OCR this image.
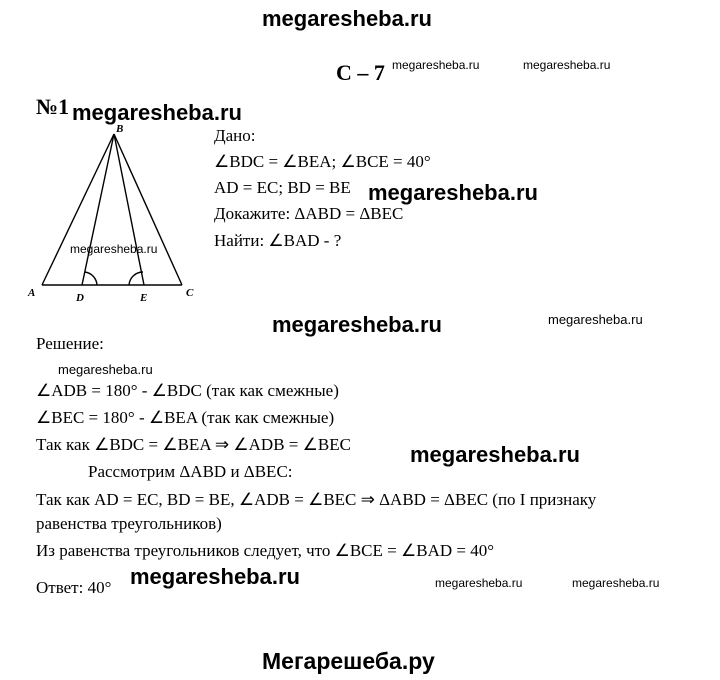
megaresheba.ru
С – 7 megaresheba.ru	megaresheba.ru
№1 megaresheba.ru
B
A	D	E	C
megaresheba.ru
Дано:
∠BDC = ∠BEA; ∠BCE = 40°
AD = EC; BD = BE megaresheba.ru
Докажите: ΔABD = ΔBEC
Найти: ∠BAD - ?
megaresheba.ru	megaresheba.ru
Решение:
megaresheba.ru
∠ADB = 180° - ∠BDC (так как смежные)
∠BEC = 180° - ∠BEA (так как смежные)
Так как ∠BDC = ∠BEA ⇒ ∠ADB = ∠BEC	megaresheba.ru
Рассмотрим ΔABD и ΔBEC:
Так как AD = EC, BD = BE, ∠ADB = ∠BEC ⇒ ΔABD = ΔBEC (по I признаку
равенства треугольников)
Из равенства треугольников следует, что ∠BCE = ∠BAD = 40°
Ответ: 40° megaresheba.ru	megaresheba.ru	megaresheba.ru
Мегарешеба.ру
